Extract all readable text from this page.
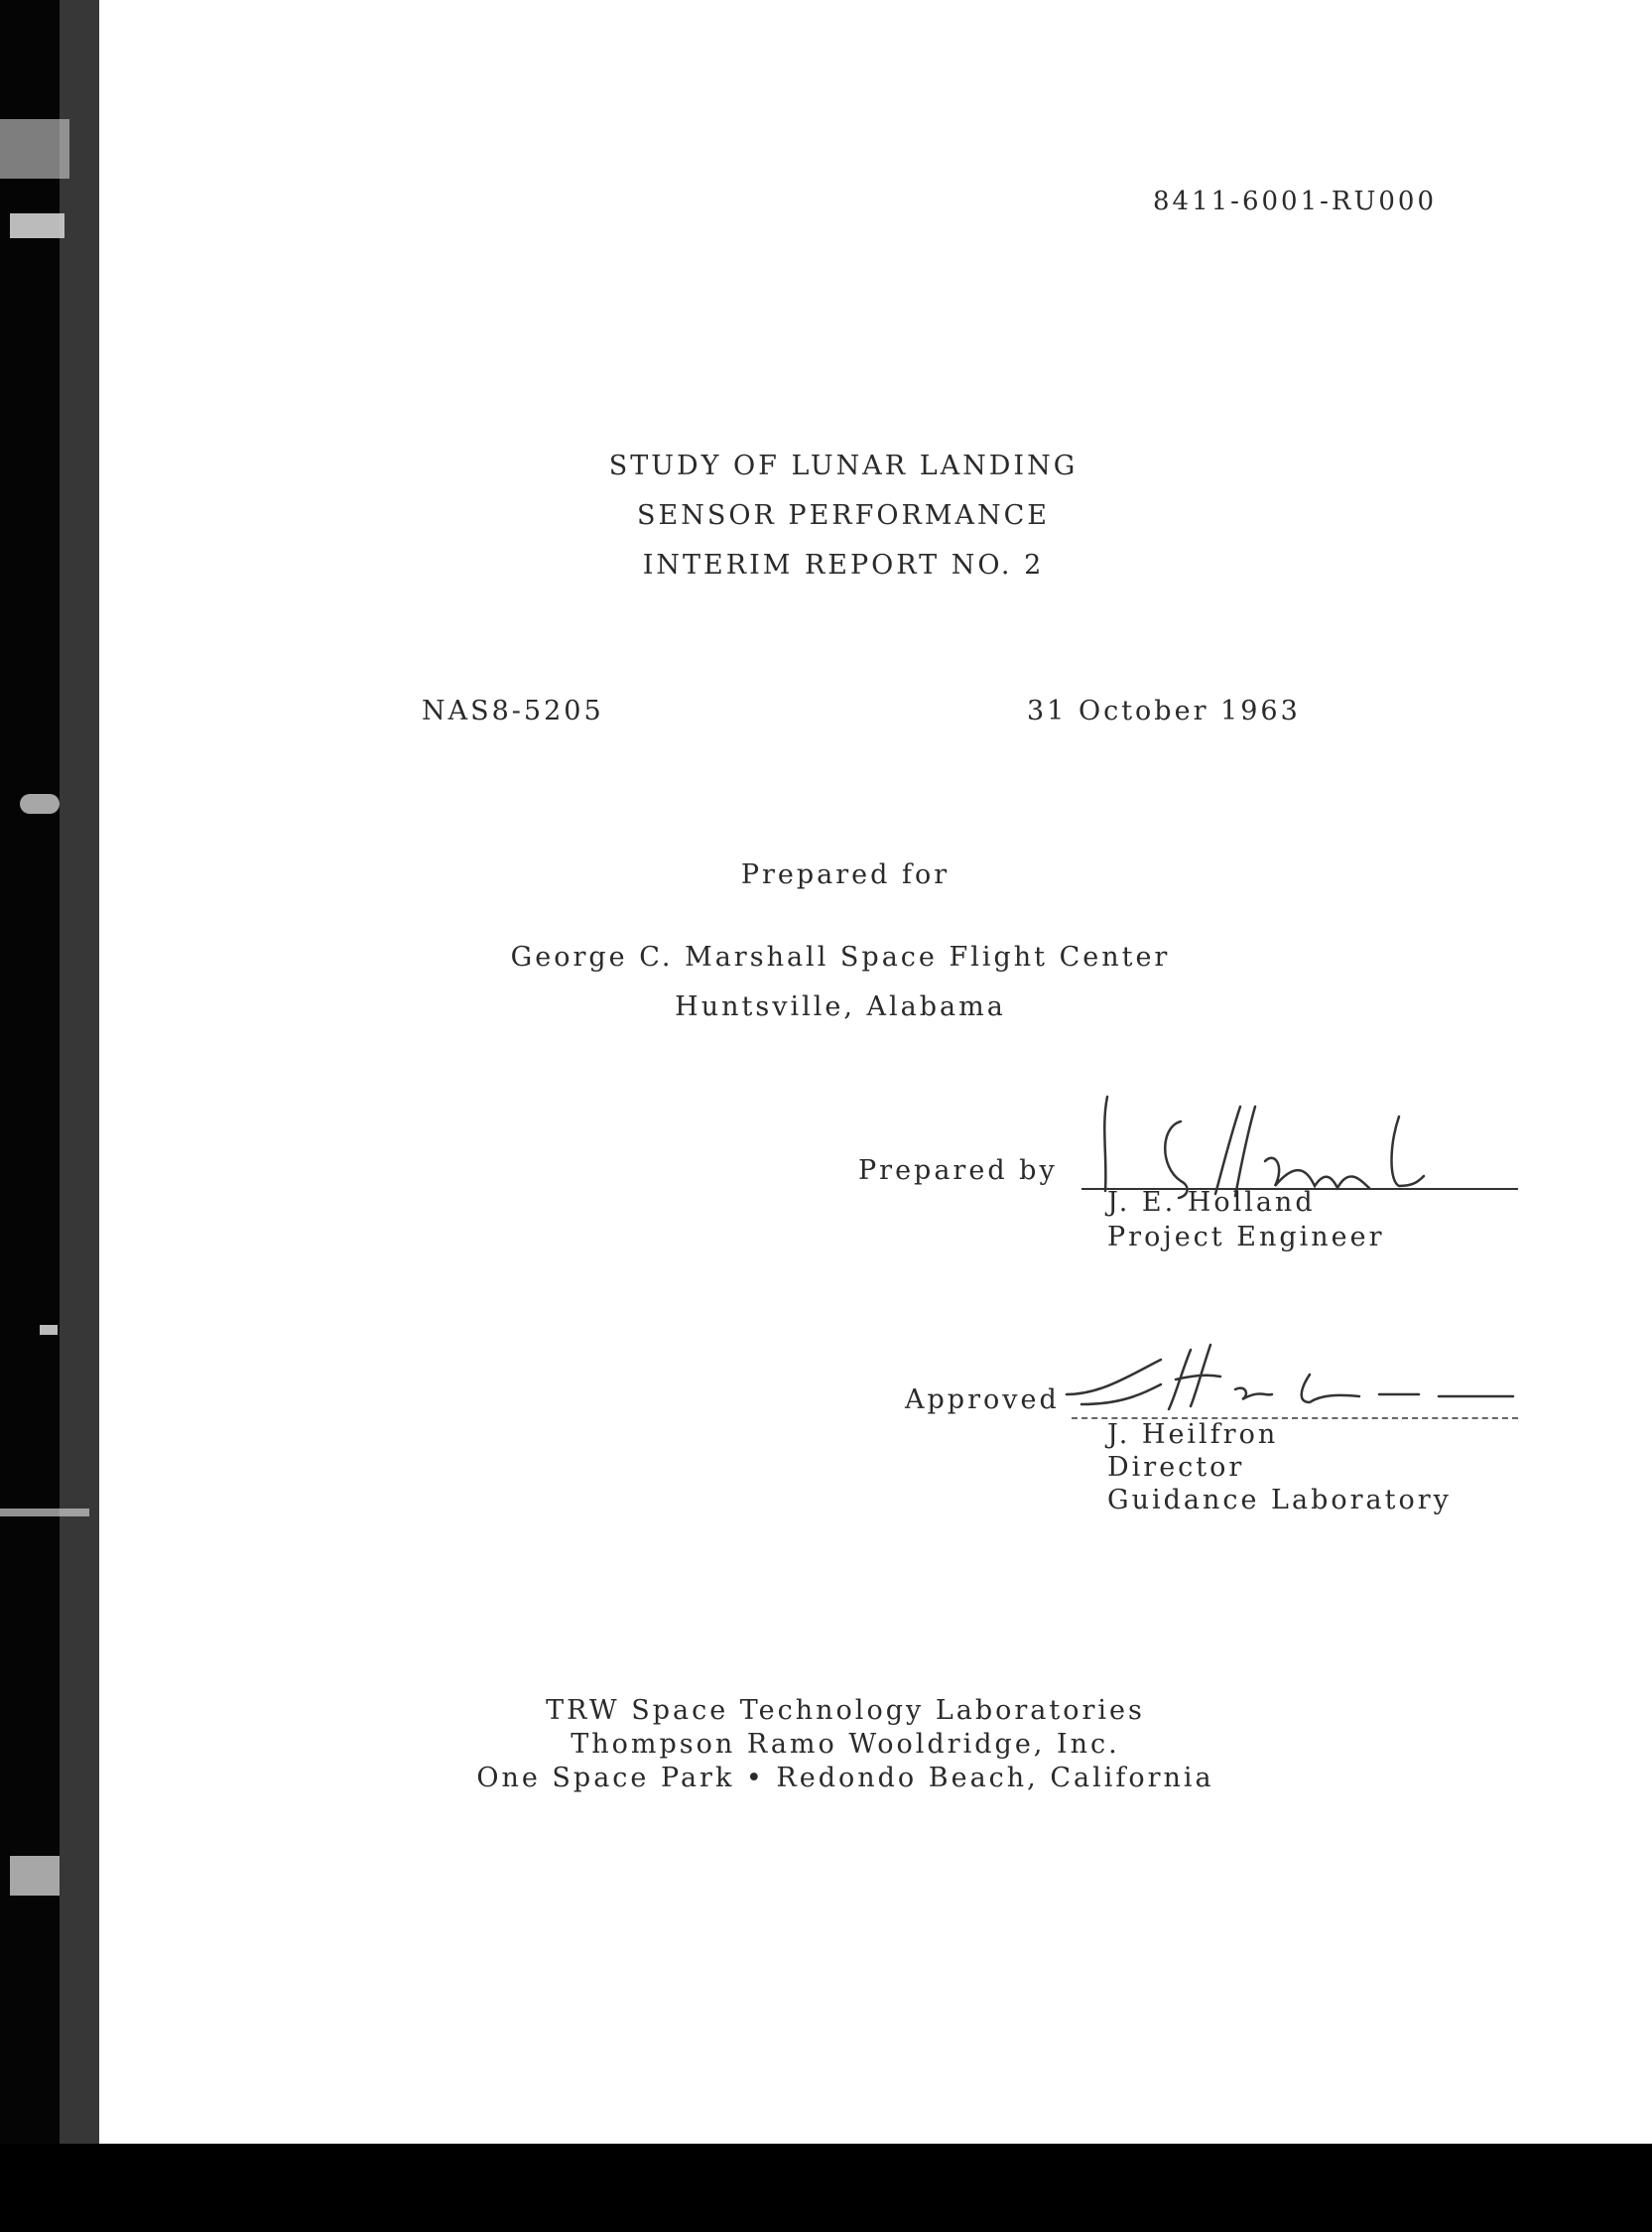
8411-6001-RU000
STUDY OF LUNAR LANDING
SENSOR PERFORMANCE
INTERIM REPORT NO. 2
NAS8-5205	31 October 1963
Prepared for
George C. Marshall Space Flight Center
Huntsville, Alabama
Prepared by
J. E. Holland
Project Engineer
Approved
J. Heilfron
Director
Guidance Laboratory
TRW Space Technology Laboratories
Thompson Ramo Wooldridge, Inc.
One Space Park • Redondo Beach, California
